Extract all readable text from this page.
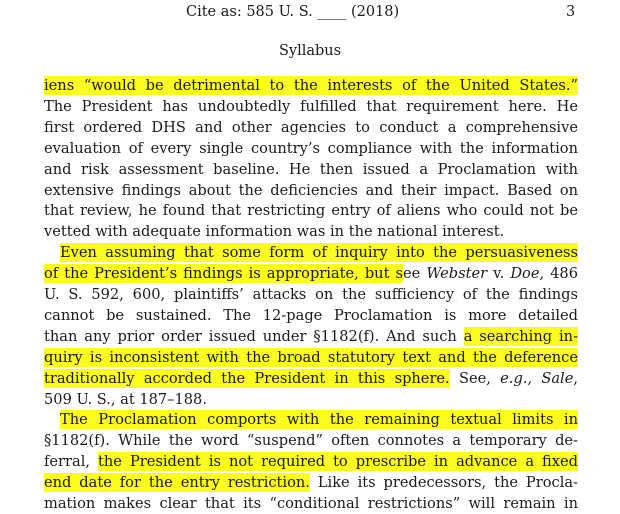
Cite as: 585 U. S. ____ (2018)	3
Syllabus
iens “would be detrimental to the interests of the United States.”
The President has undoubtedly fulfilled that requirement here. He
first ordered DHS and other agencies to conduct a comprehensive
evaluation of every single country’s compliance with the information
and risk assessment baseline. He then issued a Proclamation with
extensive findings about the deficiencies and their impact. Based on
that review, he found that restricting entry of aliens who could not be
vetted with adequate information was in the national interest.
Even assuming that some form of inquiry into the persuasiveness
of the President’s findings is appropriate, but see Webster v. Doe, 486
U. S. 592, 600, plaintiffs’ attacks on the sufficiency of the findings
cannot be sustained. The 12-page Proclamation is more detailed
than any prior order issued under §1182(f). And such a searching in-
quiry is inconsistent with the broad statutory text and the deference
traditionally accorded the President in this sphere. See, e.g., Sale,
509 U. S., at 187–188.
The Proclamation comports with the remaining textual limits in
§1182(f). While the word “suspend” often connotes a temporary de-
ferral, the President is not required to prescribe in advance a fixed
end date for the entry restriction. Like its predecessors, the Procla-
mation makes clear that its “conditional restrictions” will remain in
